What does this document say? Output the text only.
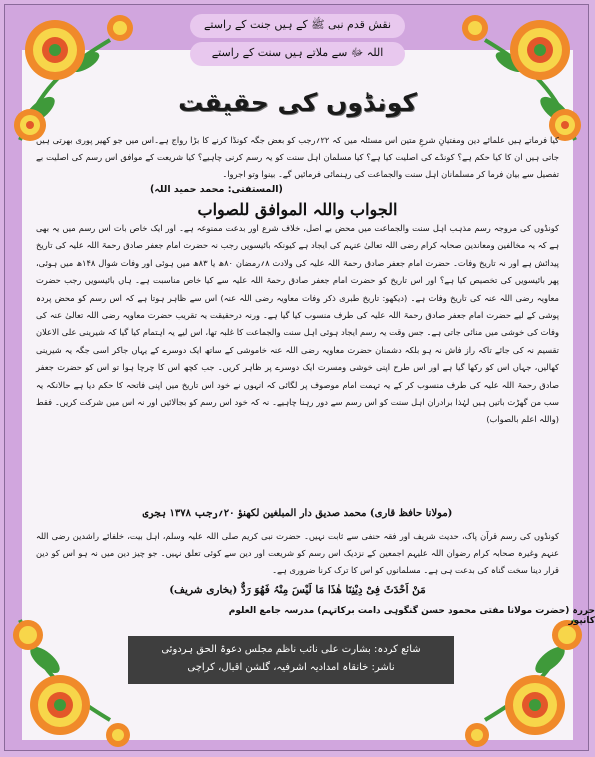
نقش قدم نبی ﷺ کے ہیں جنت کے راستے
اللہ ﷻ سے ملاتے ہیں سنت کے راستے
کونڈوں کی حقیقت
کیا فرماتے ہیں علمائے دین ومفتیانِ شرعِ متین اس مسئلہ میں کہ ۲۲؍رجب کو بعض جگہ کونڈا کرنے کا بڑا رواج ہے۔اس میں جو کھیر پوری بھرتی ہیں جاتی ہیں ان کا کیا حکم ہے؟ کونڈے کی اصلیت کیا ہے؟ کیا مسلمان اہل سنت کو یہ رسم کرنی چاہیے؟ کیا شریعت کے موافق اس رسم کی اصلیت بے تفصیل سے بیان فرما کر مسلمانان اہل سنت والجماعت کی رہنمائی فرمائیں گے۔ بینوا وتو اجروا۔
(المستفتی: محمد حمید اللہ)
الجواب واللہ الموافق للصواب
کونڈوں کی مروجہ رسم مذہب اہل سنت والجماعت میں محض بے اصل، خلاف شرع اور بدعت ممنوعہ ہے۔ اور ایک خاص بات اس رسم میں یہ بھی ہے کہ یہ مخالفین ومعاندین صحابہ کرام رضی اللہ تعالیٰ عنہم کی ایجاد ہے کیونکہ بائیسویں رجب نہ حضرت امام جعفر صادق رحمۃ اللہ علیہ کی تاریخ پیدائش ہے اور نہ تاریخ وفات۔ حضرت امام جعفر صادق رحمۃ اللہ علیہ کی ولادت ۸؍رمضان ۸۰ھ یا ۸۳ھ میں ہوئی اور وفات شوال ۱۴۸ھ میں ہوئی، پھر بائیسویں کی تخصیص کیا ہے؟ اور اس تاریخ کو حضرت امام جعفر صادق رحمۃ اللہ علیہ سے کیا خاص مناسبت ہے۔ ہاں بائیسویں رجب حضرت معاویہ رضی اللہ عنہ کی تاریخ وفات ہے۔ (دیکھو: تاریخ طبری ذکر وفات معاویہ رضی اللہ عنہ) اس سے ظاہر ہوتا ہے کہ اس رسم کو محض پردہ پوشی کے لیے حضرت امام جعفر صادق رحمۃ اللہ علیہ کی طرف منسوب کیا گیا ہے۔ ورنہ درحقیقت یہ تقریب حضرت معاویہ رضی اللہ تعالیٰ عنہ کی وفات کی خوشی میں منائی جاتی ہے۔ جس وقت یہ رسم ایجاد ہوئی اہل سنت والجماعت کا غلبہ تھا، اس لیے یہ اہتمام کیا گیا کہ شیرینی علی الاعلان تقسیم نہ کی جائے تاکہ راز فاش نہ ہو بلکہ دشمنان حضرت معاویہ رضی اللہ عنہ خاموشی کے ساتھ ایک دوسرے کے یہاں جاکر اسی جگہ یہ شیرینی کھالیں، جہاں اس کو رکھا گیا ہے اور اس طرح اپنی خوشی ومسرت ایک دوسرے پر ظاہر کریں۔ جب کچھ اس کا چرچا ہوا تو اس کو حضرت جعفر صادق رحمۃ اللہ علیہ کی طرف منسوب کر کے یہ تہمت امام موصوف پر لگائی کہ انہوں نے خود اس تاریخ میں اپنی فاتحہ کا حکم دیا ہے حالانکہ یہ سب من گھڑت باتیں ہیں لہٰذا برادران اہل سنت کو اس رسم سے دور رہنا چاہیے۔ نہ کہ خود اس رسم کو بجالائیں اور نہ اس میں شرکت کریں۔ فقط (واللہ اعلم بالصواب)
(مولانا حافظ قاری) محمد صدیق دار المبلغین لکھنؤ ۲۰؍رجب ۱۳۷۸ ہجری
کونڈوں کی رسم قرآن پاک، حدیث شریف اور فقہ حنفی سے ثابت نہیں۔ حضرت نبی کریم صلی اللہ علیہ وسلم، اہل بیت، خلفائے راشدین رضی اللہ عنہم وغیرہ صحابہ کرام رضوان اللہ علیہم اجمعین کے نزدیک اس رسم کو شریعت اور دین سے کوئی تعلق نہیں۔ جو چیز دین میں نہ ہو اس کو دین قرار دینا سخت گناہ کی بدعت ہی ہے۔ مسلمانوں کو اس کا ترک کرنا ضروری ہے۔
مَنْ اَحْدَثَ فِیْ دِیْنِنَا ھٰذَا مَا لَیْسَ مِنْہُ فَھُوَ رَدٌّ (بخاری شریف)
حررہ (حضرت مولانا مفتی محمود حسن گنگوہی دامت برکاتہم) مدرسہ جامع العلوم کانپور
شائع کردہ: بشارت علی نائب ناظم مجلس دعوۃ الحق ہردوئی
ناشر: خانقاہ امدادیہ اشرفیہ، گلشن اقبال، کراچی
